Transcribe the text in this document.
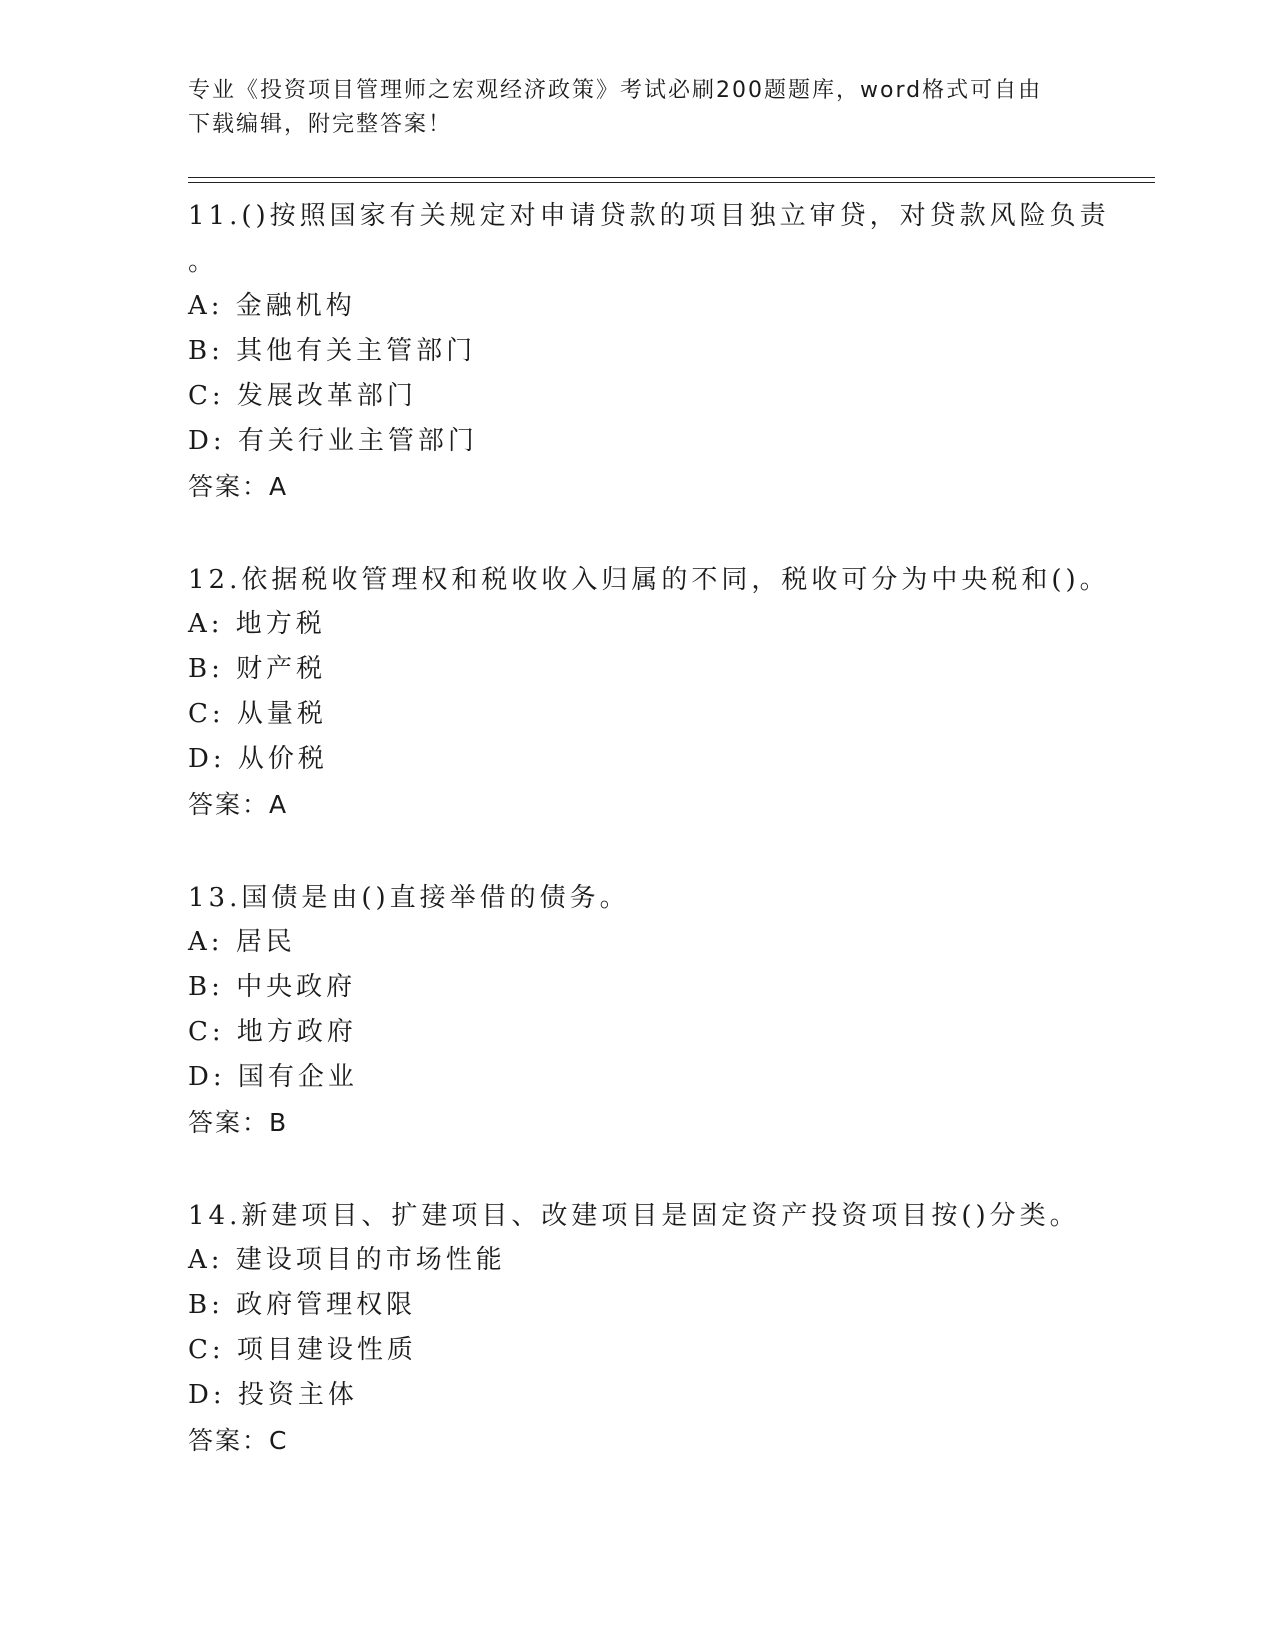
专业《投资项目管理师之宏观经济政策》考试必刷200题题库，word格式可自由
下载编辑，附完整答案！
11.()按照国家有关规定对申请贷款的项目独立审贷，对贷款风险负责
。
A: 金融机构
B: 其他有关主管部门
C: 发展改革部门
D: 有关行业主管部门
答案：A
12.依据税收管理权和税收收入归属的不同，税收可分为中央税和()。
A: 地方税
B: 财产税
C: 从量税
D: 从价税
答案：A
13.国债是由()直接举借的债务。
A: 居民
B: 中央政府
C: 地方政府
D: 国有企业
答案：B
14.新建项目、扩建项目、改建项目是固定资产投资项目按()分类。
A: 建设项目的市场性能
B: 政府管理权限
C: 项目建设性质
D: 投资主体
答案：C
